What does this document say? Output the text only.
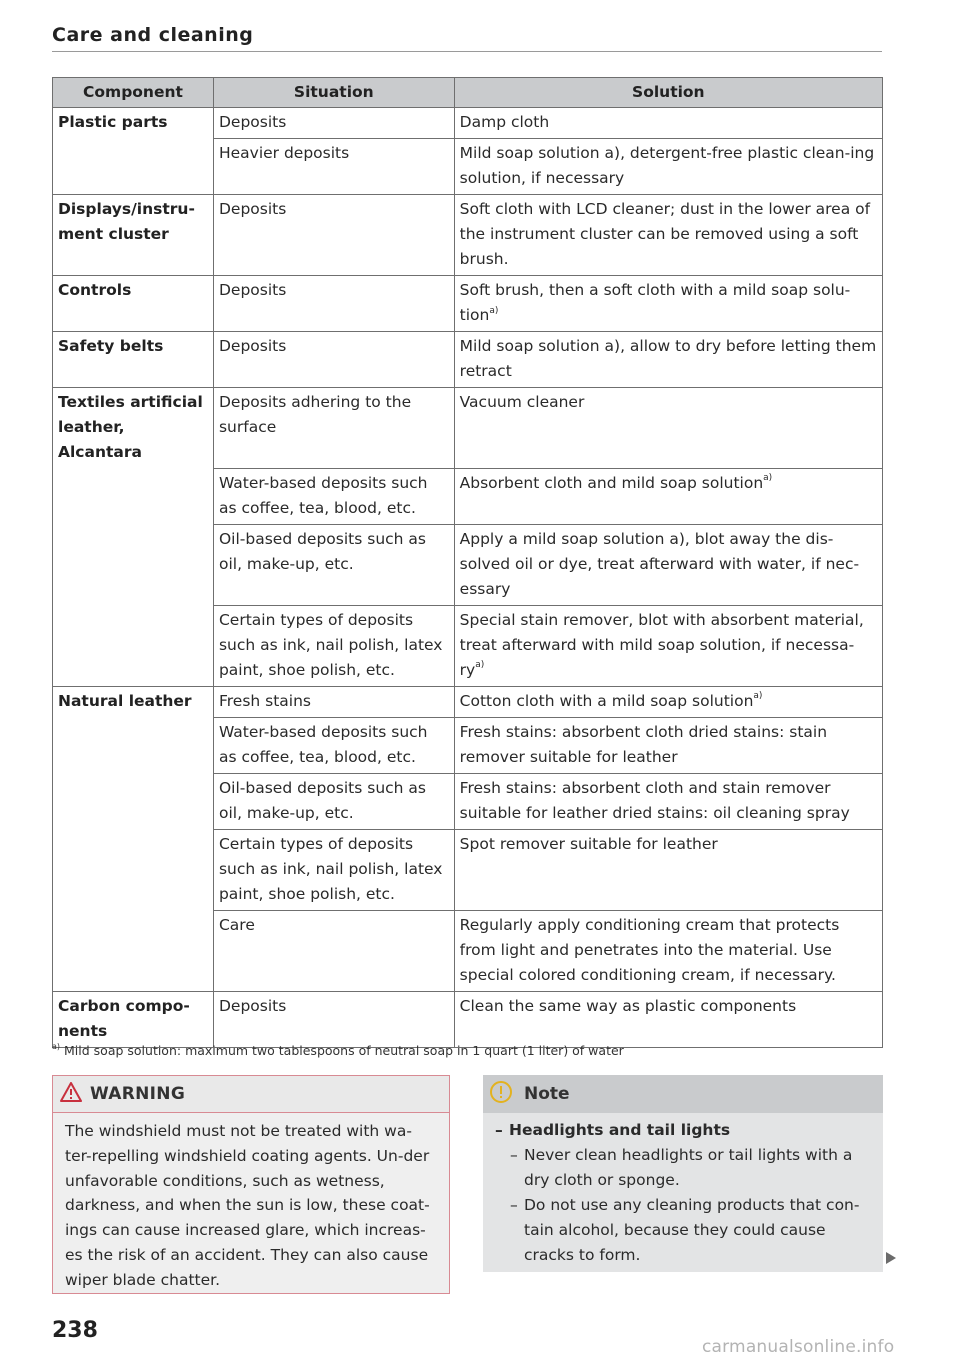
Care and cleaning
Component	Situation	Solution
Plastic parts	Deposits	Damp cloth
	Heavier deposits	Mild soap solution a), detergent-free plastic clean-ing solution, if necessary
Displays/instru-ment cluster	Deposits	Soft cloth with LCD cleaner; dust in the lower area of the instrument cluster can be removed using a soft brush.
Controls	Deposits	Soft brush, then a soft cloth with a mild soap solu-tion$^{a)}$
Safety belts	Deposits	Mild soap solution a), allow to dry before letting them retract
Textiles artificial leather, Alcantara	Deposits adhering to the surface	Vacuum cleaner
	Water-based deposits such as coffee, tea, blood, etc.	Absorbent cloth and mild soap solution$^{a)}$
	Oil-based deposits such as oil, make-up, etc.	Apply a mild soap solution a), blot away the dis-solved oil or dye, treat afterward with water, if nec-essary
	Certain types of deposits such as ink, nail polish, latex paint, shoe polish, etc.	Special stain remover, blot with absorbent material, treat afterward with mild soap solution, if necessa-$ry^{a)}$
Natural leather	Fresh stains	Cotton cloth with a mild soap solution$^{a)}$
	Water-based deposits such as coffee, tea, blood, etc.	Fresh stains: absorbent cloth dried stains: stain remover suitable for leather
	Oil-based deposits such as oil, make-up, etc.	Fresh stains: absorbent cloth and stain remover suitable for leather dried stains: oil cleaning spray
	Certain types of deposits such as ink, nail polish, latex paint, shoe polish, etc.	Spot remover suitable for leather
	Care	Regularly apply conditioning cream that protects from light and penetrates into the material. Use special colored conditioning cream, if necessary.
Carbon compo-nents	Deposits	Clean the same way as plastic components
$^{a)}$ Mild soap solution: maximum two tablespoons of neutral soap in 1 quart (1 liter) of water
WARNING
The windshield must not be treated with wa-ter-repelling windshield coating agents. Un-der unfavorable conditions, such as wetness, darkness, and when the sun is low, these coat-ings can cause increased glare, which increas-es the risk of an accident. They can also cause wiper blade chatter.
Note
– Headlights and tail lights
– Never clean headlights or tail lights with a dry cloth or sponge.
– Do not use any cleaning products that con-tain alcohol, because they could cause cracks to form.
238
carmanualsonline.info
